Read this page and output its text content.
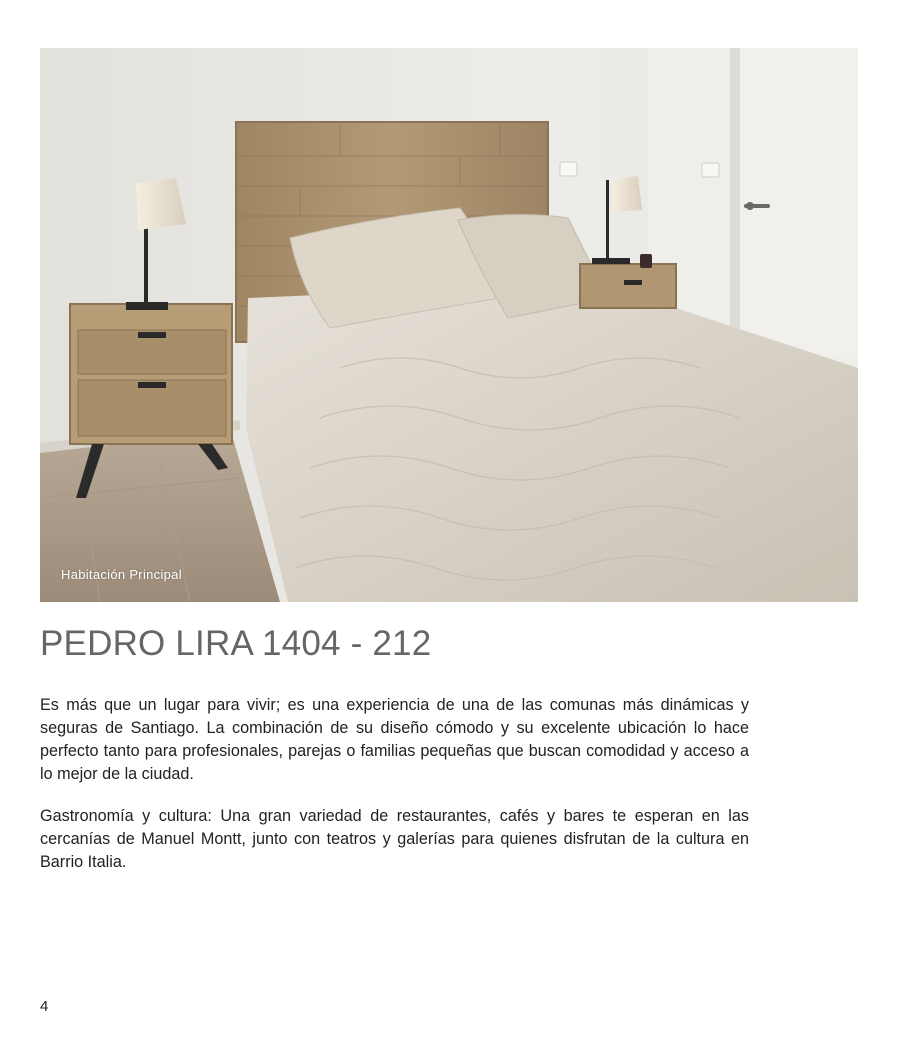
Habitación Principal
PEDRO LIRA 1404 - 212

Es más que un lugar para vivir; es una experiencia de una de las comunas más dinámicas y seguras de Santiago. La combinación de su diseño cómodo y su excelente ubicación lo hace perfecto tanto para profesionales, parejas o familias pequeñas que buscan comodidad y acceso a lo mejor de la ciudad.

Gastronomía y cultura: Una gran variedad de restaurantes, cafés y bares te esperan en las cercanías de Manuel Montt, junto con teatros y galerías para quienes disfrutan de la cultura en Barrio Italia.

4
